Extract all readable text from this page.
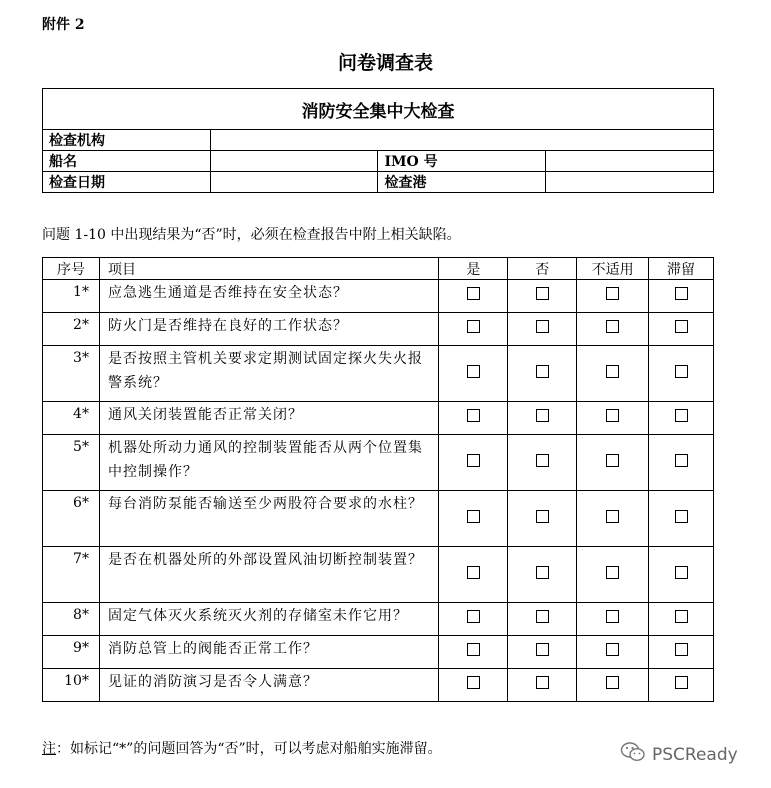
附件 2
问卷调查表
消防安全集中大检查			
检查机构			
船名		IMO 号	
检查日期		检查港	
问题 1-10 中出现结果为“否”时，必须在检查报告中附上相关缺陷。
序号	项目	是	否	不适用	滞留
1*	应急逃生通道是否维持在安全状态？				
2*	防火门是否维持在良好的工作状态？				
3*	是否按照主管机关要求定期测试固定探火失火报警系统？				
4*	通风关闭装置能否正常关闭？				
5*	机器处所动力通风的控制装置能否从两个位置集中控制操作？				
6*	每台消防泵能否输送至少两股符合要求的水柱？				
7*	是否在机器处所的外部设置风油切断控制装置？				
8*	固定气体灭火系统灭火剂的存储室未作它用？				
9*	消防总管上的阀能否正常工作？				
10*	见证的消防演习是否令人满意？				
注：如标记“*”的问题回答为“否”时，可以考虑对船舶实施滞留。	PSCReady
